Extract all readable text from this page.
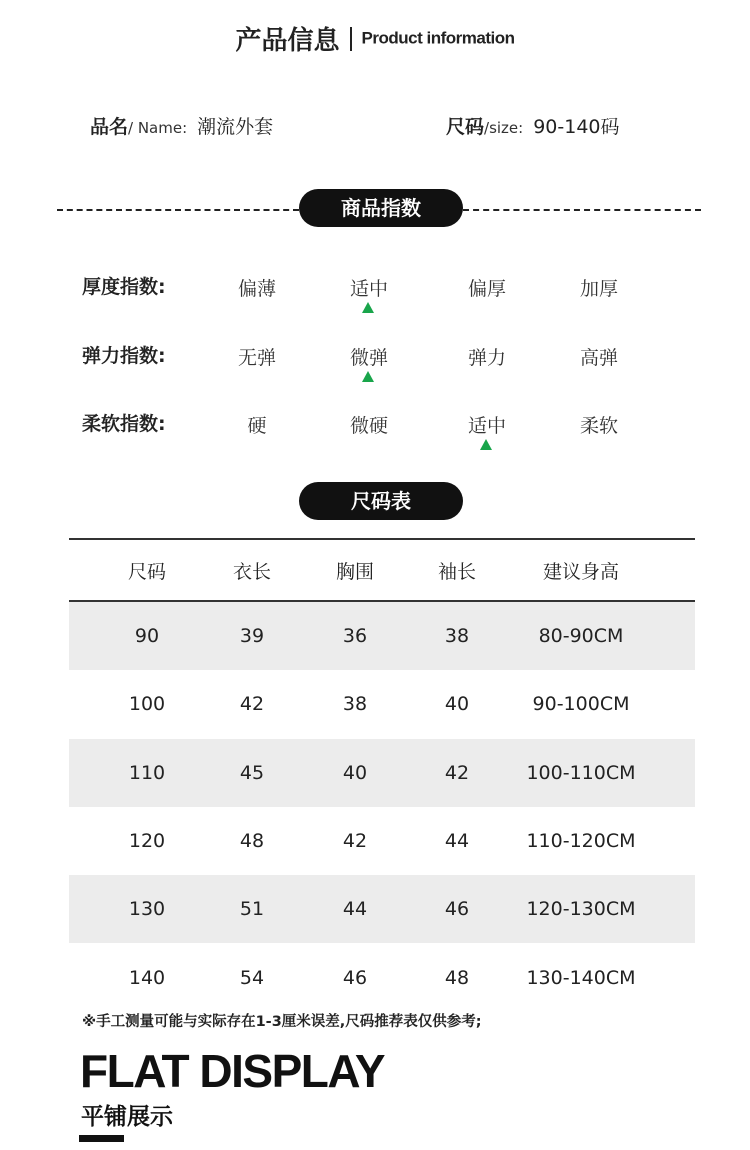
产品信息 Product information
品名/ Name: 潮流外套	尺码/size: 90-140码
商品指数
厚度指数:	偏薄	适中	偏厚	加厚
弹力指数:	无弹	微弹	弹力	高弹
柔软指数:	硬	微硬	适中	柔软
尺码表
尺码	衣长	胸围	袖长	建议身高
90	39	36	38	80-90CM
100	42	38	40	90-100CM
110	45	40	42	100-110CM
120	48	42	44	110-120CM
130	51	44	46	120-130CM
140	54	46	48	130-140CM
※手工测量可能与实际存在1-3厘米误差,尺码推荐表仅供参考;
FLAT DISPLAY
平铺展示
